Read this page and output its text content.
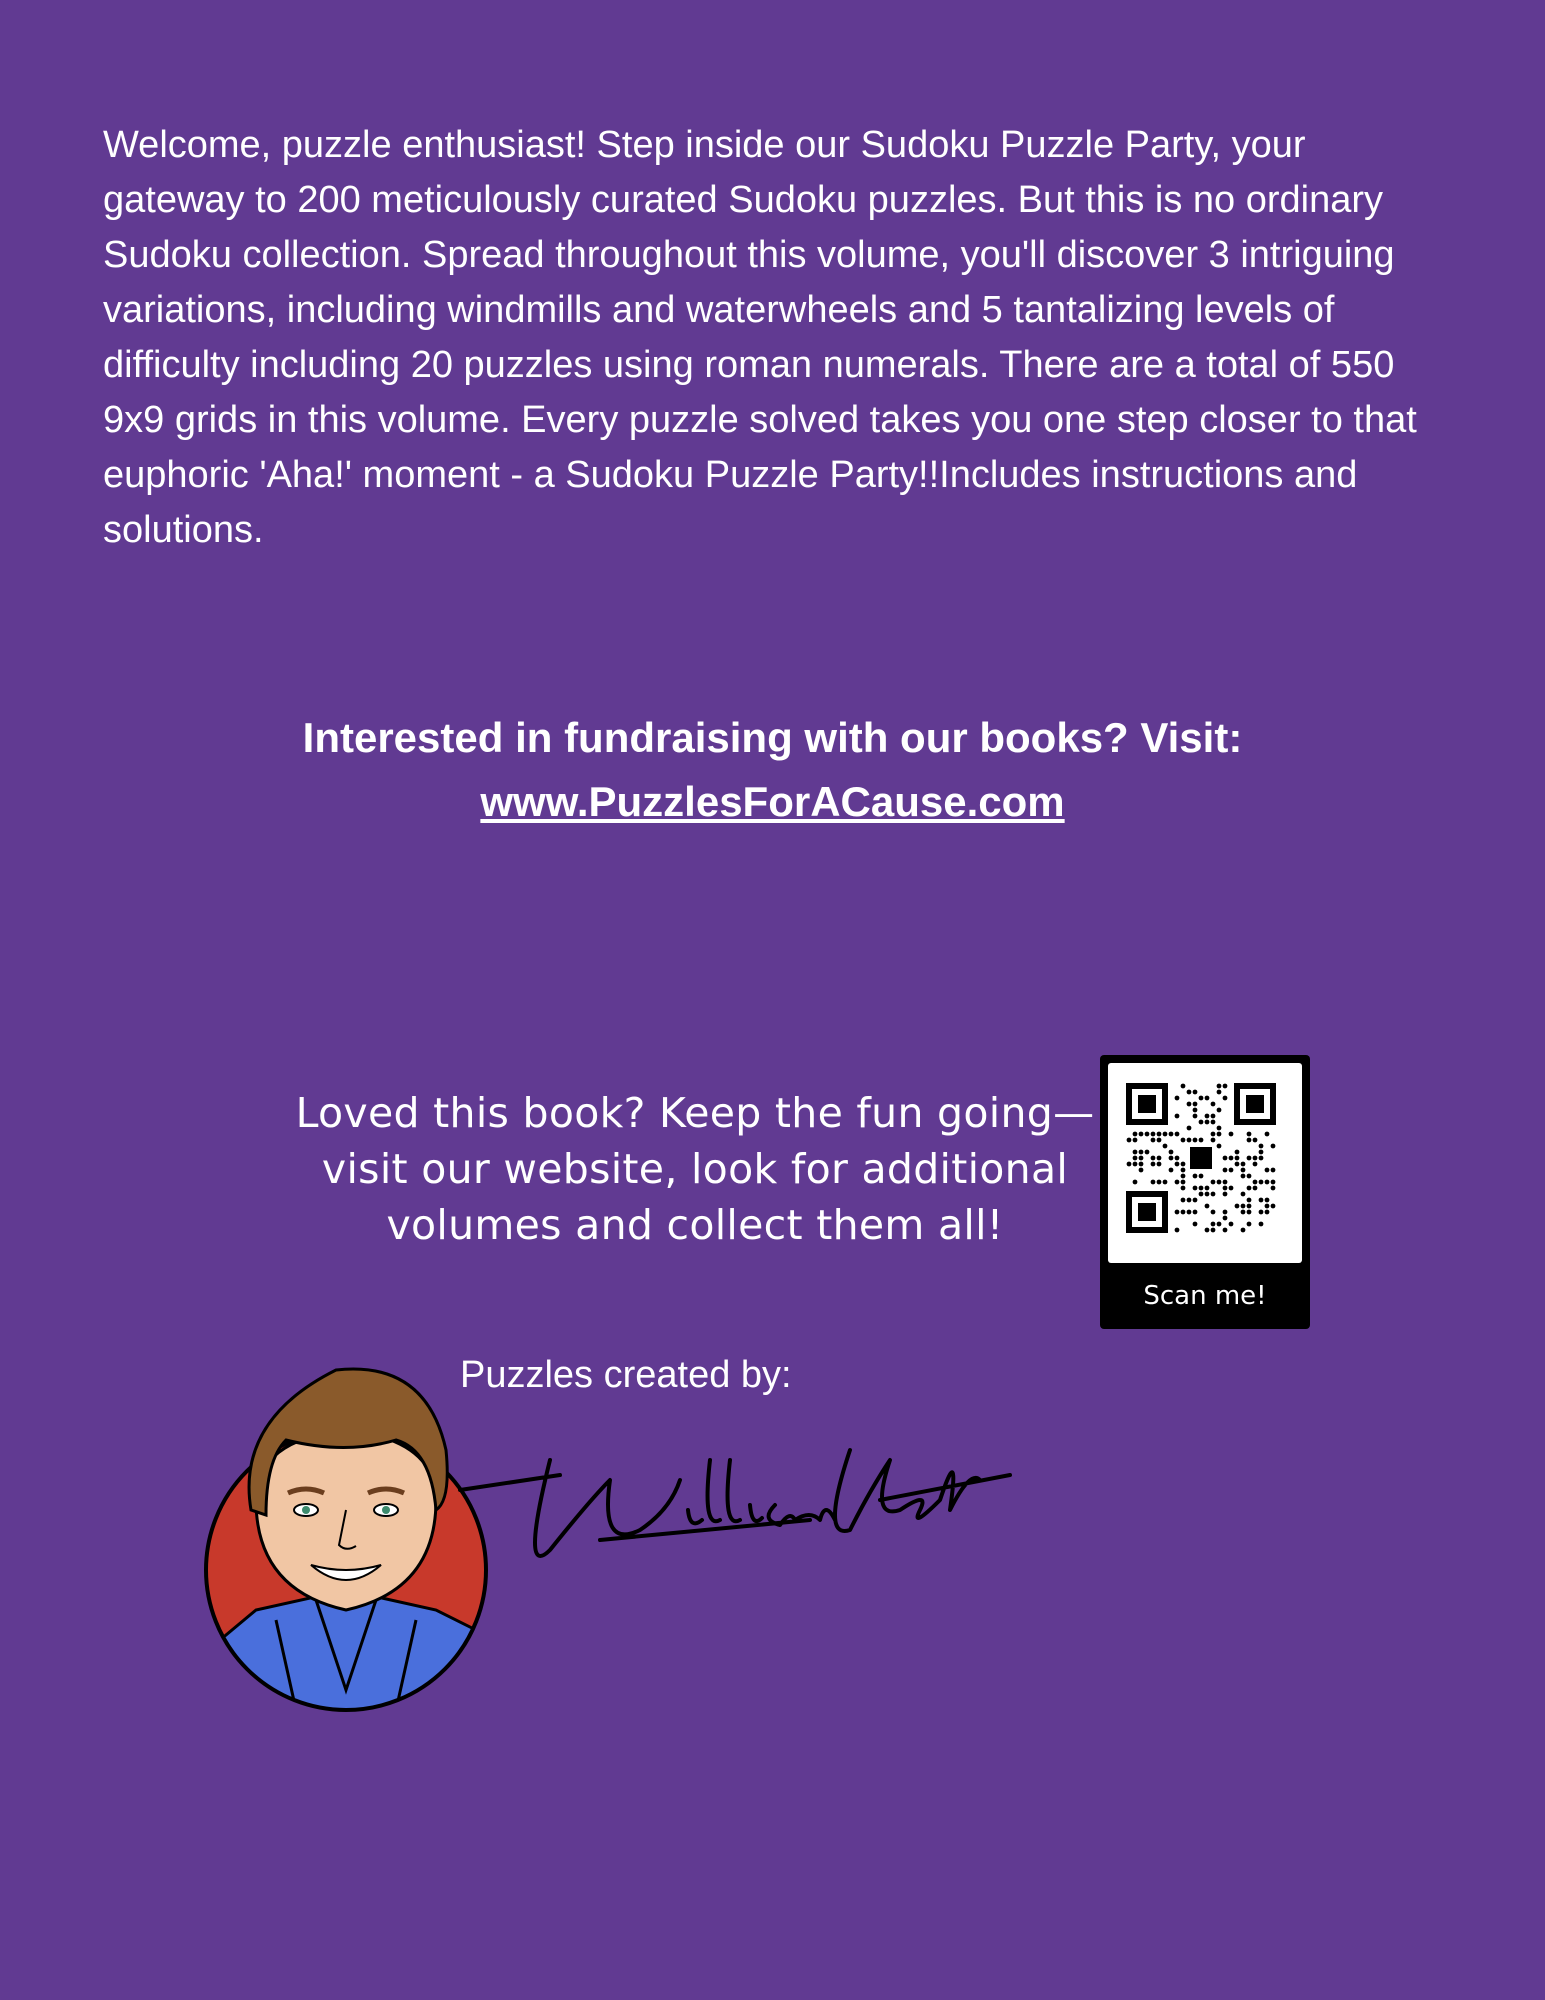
Welcome, puzzle enthusiast! Step inside our Sudoku Puzzle Party, your gateway to 200 meticulously curated Sudoku puzzles. But this is no ordinary Sudoku collection. Spread throughout this volume, you'll discover 3 intriguing variations, including windmills and waterwheels and 5 tantalizing levels of difficulty including 20 puzzles using roman numerals. There are a total of 550 9x9 grids in this volume. Every puzzle solved takes you one step closer to that euphoric 'Aha!' moment - a Sudoku Puzzle Party!!Includes instructions and solutions.

Interested in fundraising with our books? Visit:
www.PuzzlesForACause.com
Loved this book? Keep the fun going—visit our website, look for additional volumes and collect them all!
Scan me!
Puzzles created by:
